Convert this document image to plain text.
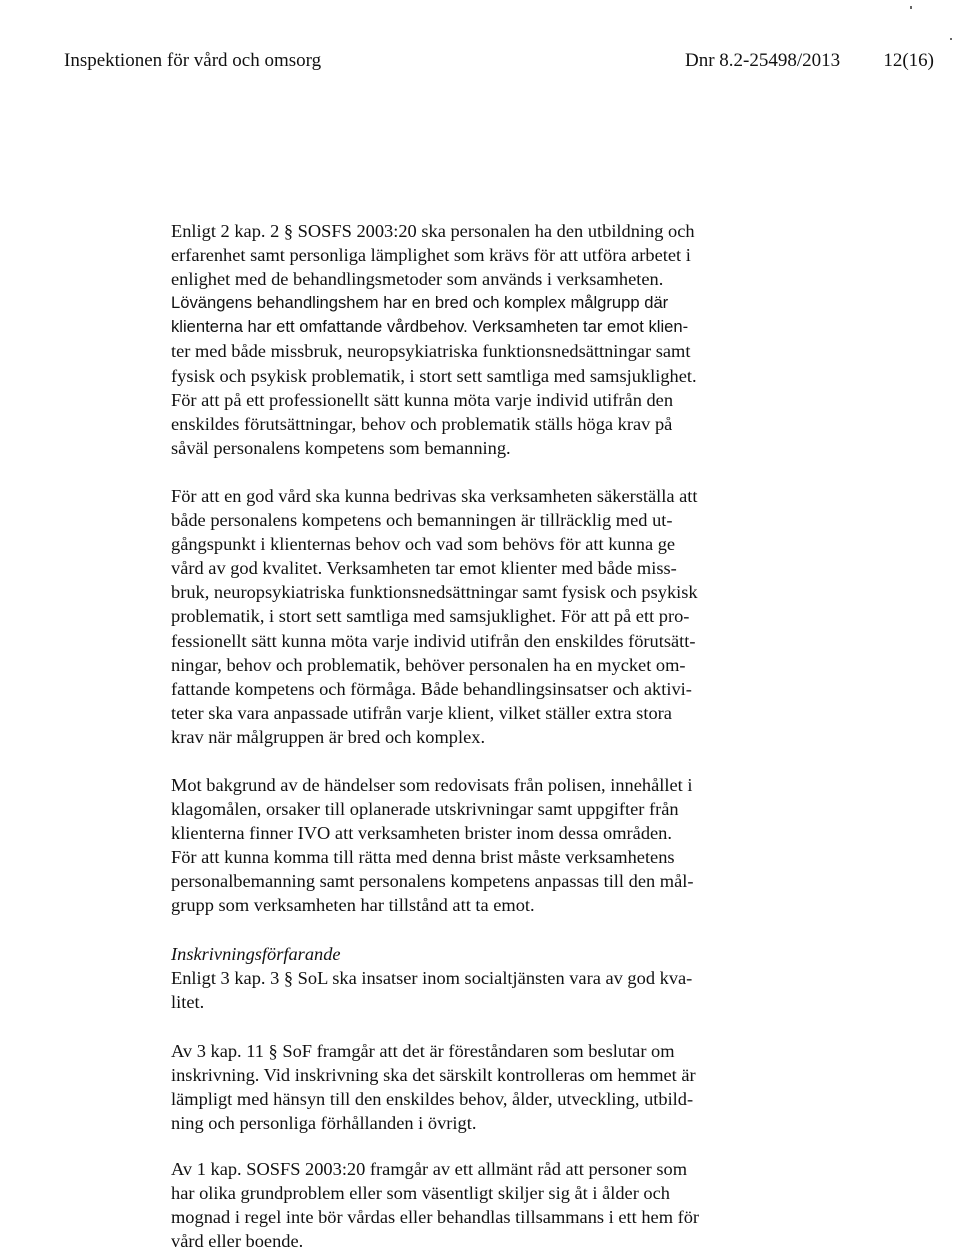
Inspektionen för vård och omsorg	Dnr 8.2-25498/2013 12(16)
Enligt 2 kap. 2 § SOSFS 2003:20 ska personalen ha den utbildning och
erfarenhet samt personliga lämplighet som krävs för att utföra arbetet i
enlighet med de behandlingsmetoder som används i verksamheten.
Lövängens behandlingshem har en bred och komplex målgrupp där
klienterna har ett omfattande vårdbehov. Verksamheten tar emot klien-
ter med både missbruk, neuropsykiatriska funktionsnedsättningar samt
fysisk och psykisk problematik, i stort sett samtliga med samsjuklighet.
För att på ett professionellt sätt kunna möta varje individ utifrån den
enskildes förutsättningar, behov och problematik ställs höga krav på
såväl personalens kompetens som bemanning.
För att en god vård ska kunna bedrivas ska verksamheten säkerställa att
både personalens kompetens och bemanningen är tillräcklig med ut-
gångspunkt i klienternas behov och vad som behövs för att kunna ge
vård av god kvalitet. Verksamheten tar emot klienter med både miss-
bruk, neuropsykiatriska funktionsnedsättningar samt fysisk och psykisk
problematik, i stort sett samtliga med samsjuklighet. För att på ett pro-
fessionellt sätt kunna möta varje individ utifrån den enskildes förutsätt-
ningar, behov och problematik, behöver personalen ha en mycket om-
fattande kompetens och förmåga. Både behandlingsinsatser och aktivi-
teter ska vara anpassade utifrån varje klient, vilket ställer extra stora
krav när målgruppen är bred och komplex.
Mot bakgrund av de händelser som redovisats från polisen, innehållet i
klagomålen, orsaker till oplanerade utskrivningar samt uppgifter från
klienterna finner IVO att verksamheten brister inom dessa områden.
För att kunna komma till rätta med denna brist måste verksamhetens
personalbemanning samt personalens kompetens anpassas till den mål-
grupp som verksamheten har tillstånd att ta emot.
Inskrivningsförfarande
Enligt 3 kap. 3 § SoL ska insatser inom socialtjänsten vara av god kva-
litet.
Av 3 kap. 11 § SoF framgår att det är föreståndaren som beslutar om
inskrivning. Vid inskrivning ska det särskilt kontrolleras om hemmet är
lämpligt med hänsyn till den enskildes behov, ålder, utveckling, utbild-
ning och personliga förhållanden i övrigt.
Av 1 kap. SOSFS 2003:20 framgår av ett allmänt råd att personer som
har olika grundproblem eller som väsentligt skiljer sig åt i ålder och
mognad i regel inte bör vårdas eller behandlas tillsammans i ett hem för
vård eller boende.
